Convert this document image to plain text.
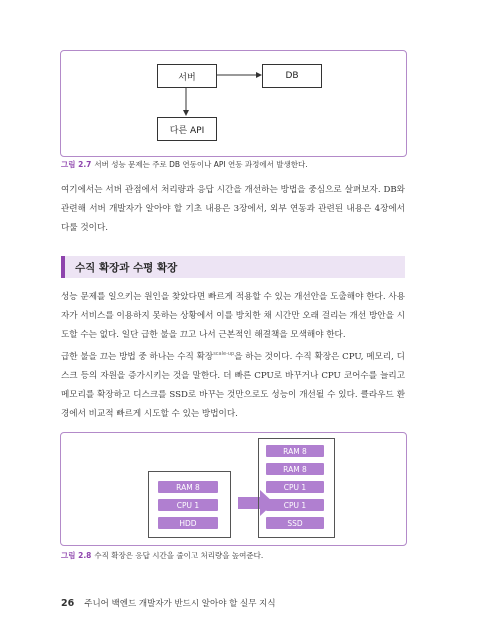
서버	DB
다른 API
그림 2.7 서버 성능 문제는 주로 DB 연동이나 API 연동 과정에서 발생한다.

여기에서는 서버 관점에서 처리량과 응답 시간을 개선하는 방법을 중심으로 살펴보자. DB와 관련해 서버 개발자가 알아야 할 기초 내용은 3장에서, 외부 연동과 관련된 내용은 4장에서 다룰 것이다.

수직 확장과 수평 확장

성능 문제를 일으키는 원인을 찾았다면 빠르게 적용할 수 있는 개선안을 도출해야 한다. 사용자가 서비스를 이용하지 못하는 상황에서 이를 방치한 채 시간만 오래 걸리는 개선 방안을 시도할 수는 없다. 일단 급한 불을 끄고 나서 근본적인 해결책을 모색해야 한다.

급한 불을 끄는 방법 중 하나는 수직 확장$^{scale-up}$을 하는 것이다. 수직 확장은 CPU, 메모리, 디스크 등의 자원을 증가시키는 것을 말한다. 더 빠른 CPU로 바꾸거나 CPU 코어수를 늘리고 메모리를 확장하고 디스크를 SSD로 바꾸는 것만으로도 성능이 개선될 수 있다. 클라우드 환경에서 비교적 빠르게 시도할 수 있는 방법이다.

RAM 8
CPU 1
HDD
RAM 8
RAM 8
CPU 1
CPU 1
SSD
그림 2.8 수직 확장은 응답 시간을 줄이고 처리량을 높여준다.
26 주니어 백엔드 개발자가 반드시 알아야 할 실무 지식
